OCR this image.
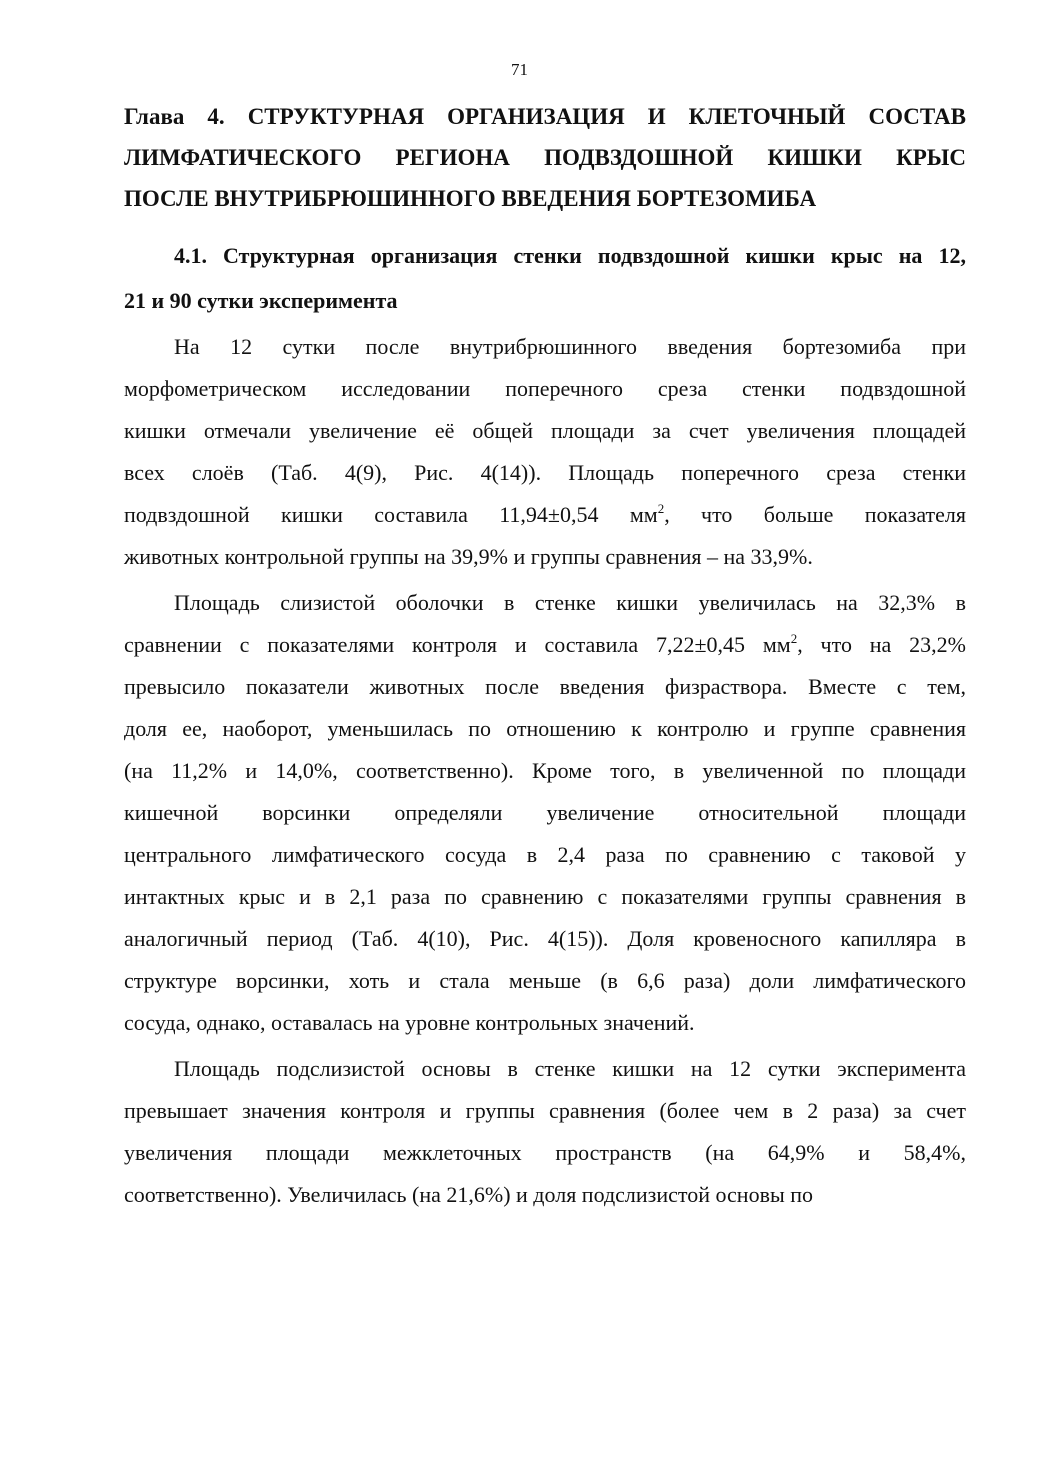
71
Глава 4. СТРУКТУРНАЯ ОРГАНИЗАЦИЯ И КЛЕТОЧНЫЙ СОСТАВ
ЛИМФАТИЧЕСКОГО РЕГИОНА ПОДВЗДОШНОЙ КИШКИ КРЫС
ПОСЛЕ ВНУТРИБРЮШИННОГО ВВЕДЕНИЯ БОРТЕЗОМИБА
4.1. Структурная организация стенки подвздошной кишки крыс на 12,
21 и 90 сутки эксперимента
На 12 сутки после внутрибрюшинного введения бортезомиба при
морфометрическом исследовании поперечного среза стенки подвздошной
кишки отмечали увеличение её общей площади за счет увеличения площадей
всех слоёв (Таб. 4(9), Рис. 4(14)). Площадь поперечного среза стенки
подвздошной кишки составила 11,94±0,54 $мм^2$, что больше показателя
животных контрольной группы на 39,9% и группы сравнения – на 33,9%.
Площадь слизистой оболочки в стенке кишки увеличилась на 32,3% в
сравнении с показателями контроля и составила 7,22±0,45 $мм^2$, что на 23,2%
превысило показатели животных после введения физраствора. Вместе с тем,
доля ее, наоборот, уменьшилась по отношению к контролю и группе сравнения
(на 11,2% и 14,0%, соответственно). Кроме того, в увеличенной по площади
кишечной ворсинки определяли увеличение относительной площади
центрального лимфатического сосуда в 2,4 раза по сравнению с таковой у
интактных крыс и в 2,1 раза по сравнению с показателями группы сравнения в
аналогичный период (Таб. 4(10), Рис. 4(15)). Доля кровеносного капилляра в
структуре ворсинки, хоть и стала меньше (в 6,6 раза) доли лимфатического
сосуда, однако, оставалась на уровне контрольных значений.
Площадь подслизистой основы в стенке кишки на 12 сутки эксперимента
превышает значения контроля и группы сравнения (более чем в 2 раза) за счет
увеличения площади межклеточных пространств (на 64,9% и 58,4%,
соответственно). Увеличилась (на 21,6%) и доля подслизистой основы по
